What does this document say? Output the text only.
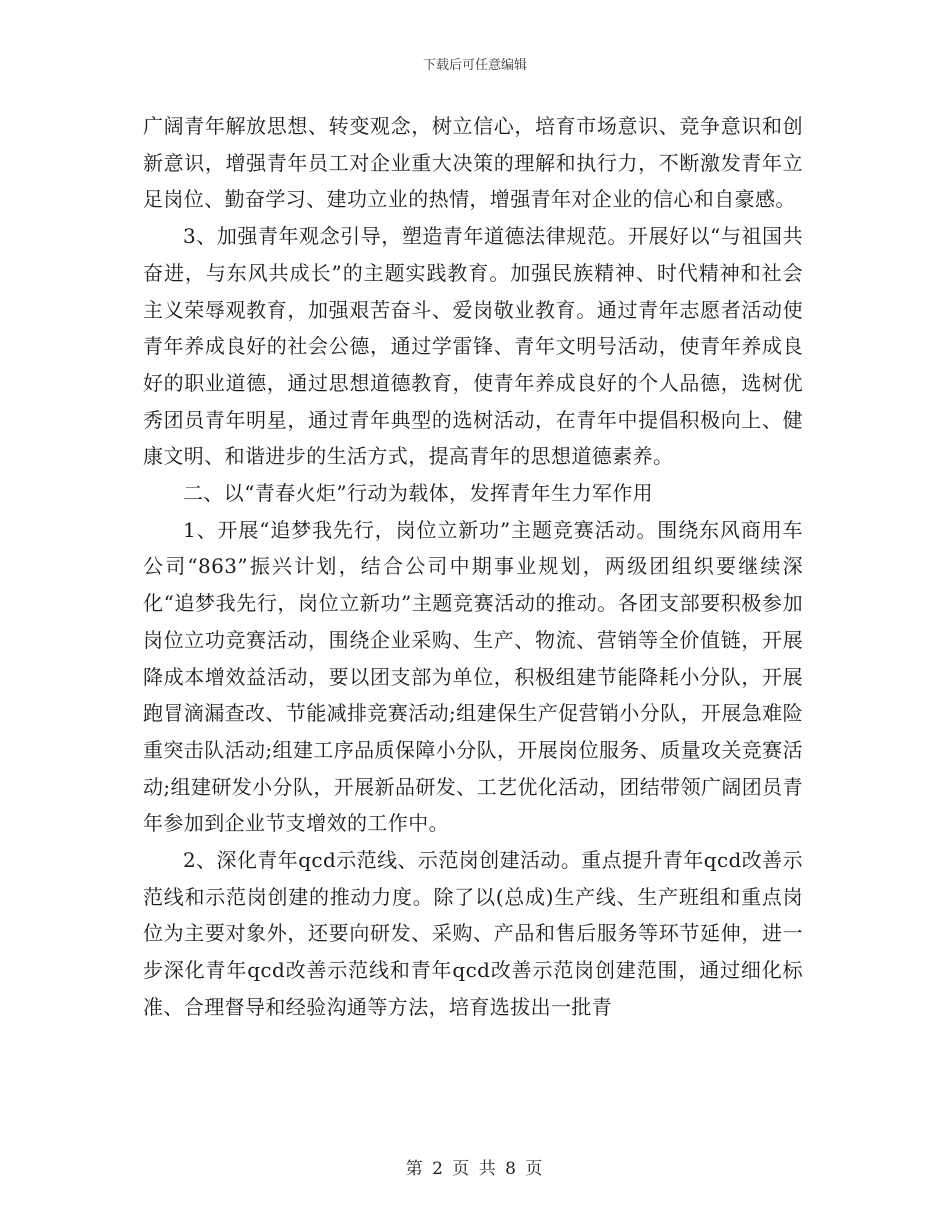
下载后可任意编辑

广阔青年解放思想、转变观念，树立信心，培育市场意识、竞争意识和创新意识，增强青年员工对企业重大决策的理解和执行力，不断激发青年立足岗位、勤奋学习、建功立业的热情，增强青年对企业的信心和自豪感。

3、加强青年观念引导，塑造青年道德法律规范。开展好以“与祖国共奋进，与东风共成长”的主题实践教育。加强民族精神、时代精神和社会主义荣辱观教育，加强艰苦奋斗、爱岗敬业教育。通过青年志愿者活动使青年养成良好的社会公德，通过学雷锋、青年文明号活动，使青年养成良好的职业道德，通过思想道德教育，使青年养成良好的个人品德，选树优秀团员青年明星，通过青年典型的选树活动，在青年中提倡积极向上、健康文明、和谐进步的生活方式，提高青年的思想道德素养。

二、以“青春火炬”行动为载体，发挥青年生力军作用

1、开展“追梦我先行，岗位立新功”主题竞赛活动。围绕东风商用车公司“863”振兴计划，结合公司中期事业规划，两级团组织要继续深化“追梦我先行，岗位立新功”主题竞赛活动的推动。各团支部要积极参加岗位立功竞赛活动，围绕企业采购、生产、物流、营销等全价值链，开展降成本增效益活动，要以团支部为单位，积极组建节能降耗小分队，开展跑冒滴漏查改、节能减排竞赛活动;组建保生产促营销小分队，开展急难险重突击队活动;组建工序品质保障小分队，开展岗位服务、质量攻关竞赛活动;组建研发小分队，开展新品研发、工艺优化活动，团结带领广阔团员青年参加到企业节支增效的工作中。

2、深化青年qcd示范线、示范岗创建活动。重点提升青年qcd改善示范线和示范岗创建的推动力度。除了以(总成)生产线、生产班组和重点岗位为主要对象外，还要向研发、采购、产品和售后服务等环节延伸，进一步深化青年qcd改善示范线和青年qcd改善示范岗创建范围，通过细化标准、合理督导和经验沟通等方法，培育选拔出一批青

第 2 页 共 8 页
